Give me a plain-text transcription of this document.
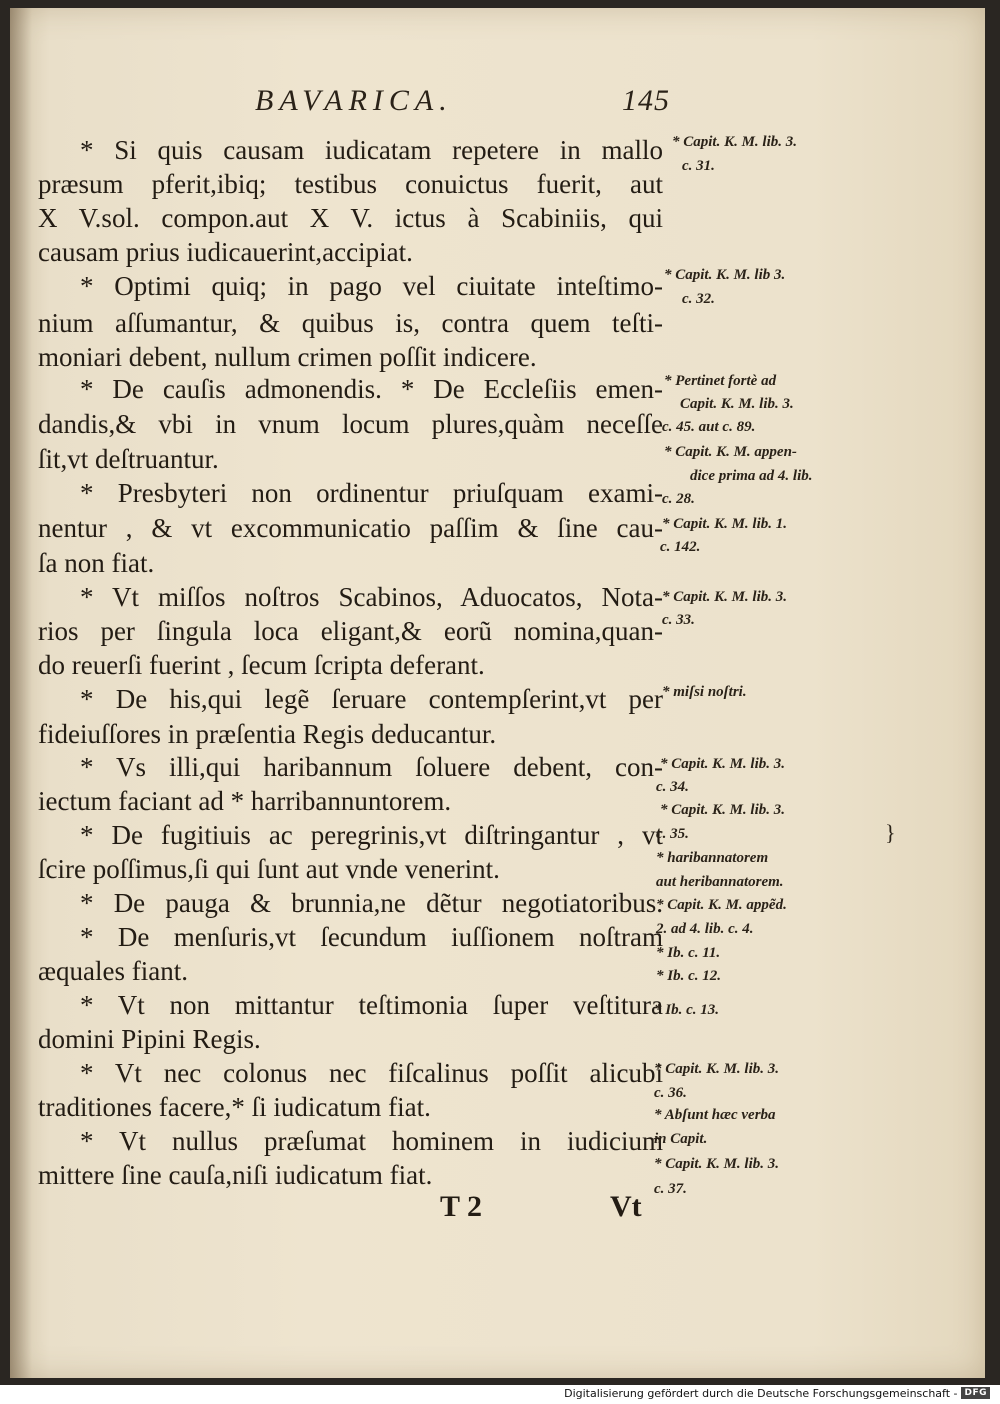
BAVARICA.	145
* Si quis causam iudicatam repetere in mallo
præsum pferit,ibiq; testibus conuictus fuerit, aut
X V.sol. compon.aut X V. ictus à Scabiniis, qui
causam prius iudicauerint,accipiat.
* Optimi quiq; in pago vel ciuitate inteſtimo-
nium aſſumantur, & quibus is, contra quem teſti-
moniari debent, nullum crimen poſſit indicere.
* De cauſis admonendis. * De Eccleſiis emen-
dandis,& vbi in vnum locum plures,quàm neceſſe
ſit,vt deſtruantur.
* Presbyteri non ordinentur priuſquam exami-
nentur , & vt excommunicatio paſſim & ſine cau-
ſa non fiat.
* Vt miſſos noſtros Scabinos, Aduocatos, Nota-
rios per ſingula loca eligant,& eorũ nomina,quan-
do reuerſi fuerint , ſecum ſcripta deferant.
* De his,qui legẽ ſeruare contempſerint,vt per
fideiuſſores in præſentia Regis deducantur.
* Vs illi,qui haribannum ſoluere debent, con-
iectum faciant ad * harribannuntorem.
* De fugitiuis ac peregrinis,vt diſtringantur , vt
ſcire poſſimus,ſi qui ſunt aut vnde venerint.
* De pauga & brunnia,ne dẽtur negotiatoribus.
* De menſuris,vt ſecundum iuſſionem noſtram
æquales fiant.
* Vt non mittantur teſtimonia ſuper veſtitura
domini Pipini Regis.
* Vt nec colonus nec fiſcalinus poſſit alicubi
traditiones facere,* ſi iudicatum fiat.
* Vt nullus præſumat hominem in iudicium
mittere ſine cauſa,niſi iudicatum fiat.
* Capit. K. M. lib. 3.
c. 31.
* Capit. K. M. lib 3.
c. 32.
* Pertinet fortè ad
Capit. K. M. lib. 3.
c. 45. aut c. 89.
* Capit. K. M. appen-
dice prima ad 4. lib.
c. 28.
* Capit. K. M. lib. 1.
c. 142.
* Capit. K. M. lib. 3.
c. 33.
* miſsi noſtri.
* Capit. K. M. lib. 3.
c. 34.
* Capit. K. M. lib. 3.
c. 35.
* haribannatorem
aut heribannatorem.
* Capit. K. M. appẽd.
2. ad 4. lib. c. 4.
* Ib. c. 11.
* Ib. c. 12.
* Ib. c. 13.
* Capit. K. M. lib. 3.
c. 36.
* Abſunt hæc verba
in Capit.
* Capit. K. M. lib. 3.
c. 37.
}
T 2	Vt
Digitalisierung gefördert durch die Deutsche Forschungsgemeinschaft - DFG
